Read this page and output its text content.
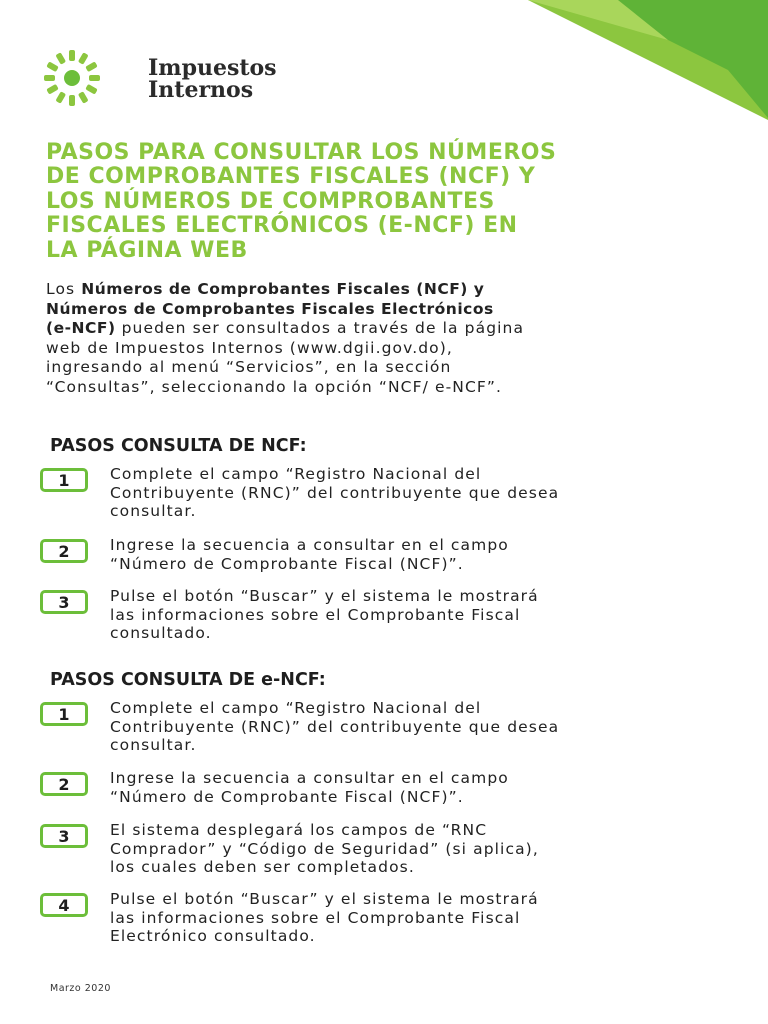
Impuestos
Internos
PASOS PARA CONSULTAR LOS NÚMEROS
DE COMPROBANTES FISCALES (NCF) Y
LOS NÚMEROS DE COMPROBANTES
FISCALES ELECTRÓNICOS (E-NCF) EN
LA PÁGINA WEB
Los Números de Comprobantes Fiscales (NCF) y
Números de Comprobantes Fiscales Electrónicos
(e-NCF) pueden ser consultados a través de la página
web de Impuestos Internos (www.dgii.gov.do),
ingresando al menú “Servicios”, en la sección
“Consultas”, seleccionando la opción “NCF/ e-NCF”.
PASOS CONSULTA DE NCF:
1	Complete el campo “Registro Nacional del
Contribuyente (RNC)” del contribuyente que desea
consultar.
2	Ingrese la secuencia a consultar en el campo
“Número de Comprobante Fiscal (NCF)”.
3	Pulse el botón “Buscar” y el sistema le mostrará
las informaciones sobre el Comprobante Fiscal
consultado.
PASOS CONSULTA DE e-NCF:
1	Complete el campo “Registro Nacional del
Contribuyente (RNC)” del contribuyente que desea
consultar.
2	Ingrese la secuencia a consultar en el campo
“Número de Comprobante Fiscal (NCF)”.
3	El sistema desplegará los campos de “RNC
Comprador” y “Código de Seguridad” (si aplica),
los cuales deben ser completados.
4	Pulse el botón “Buscar” y el sistema le mostrará
las informaciones sobre el Comprobante Fiscal
Electrónico consultado.
Marzo 2020
